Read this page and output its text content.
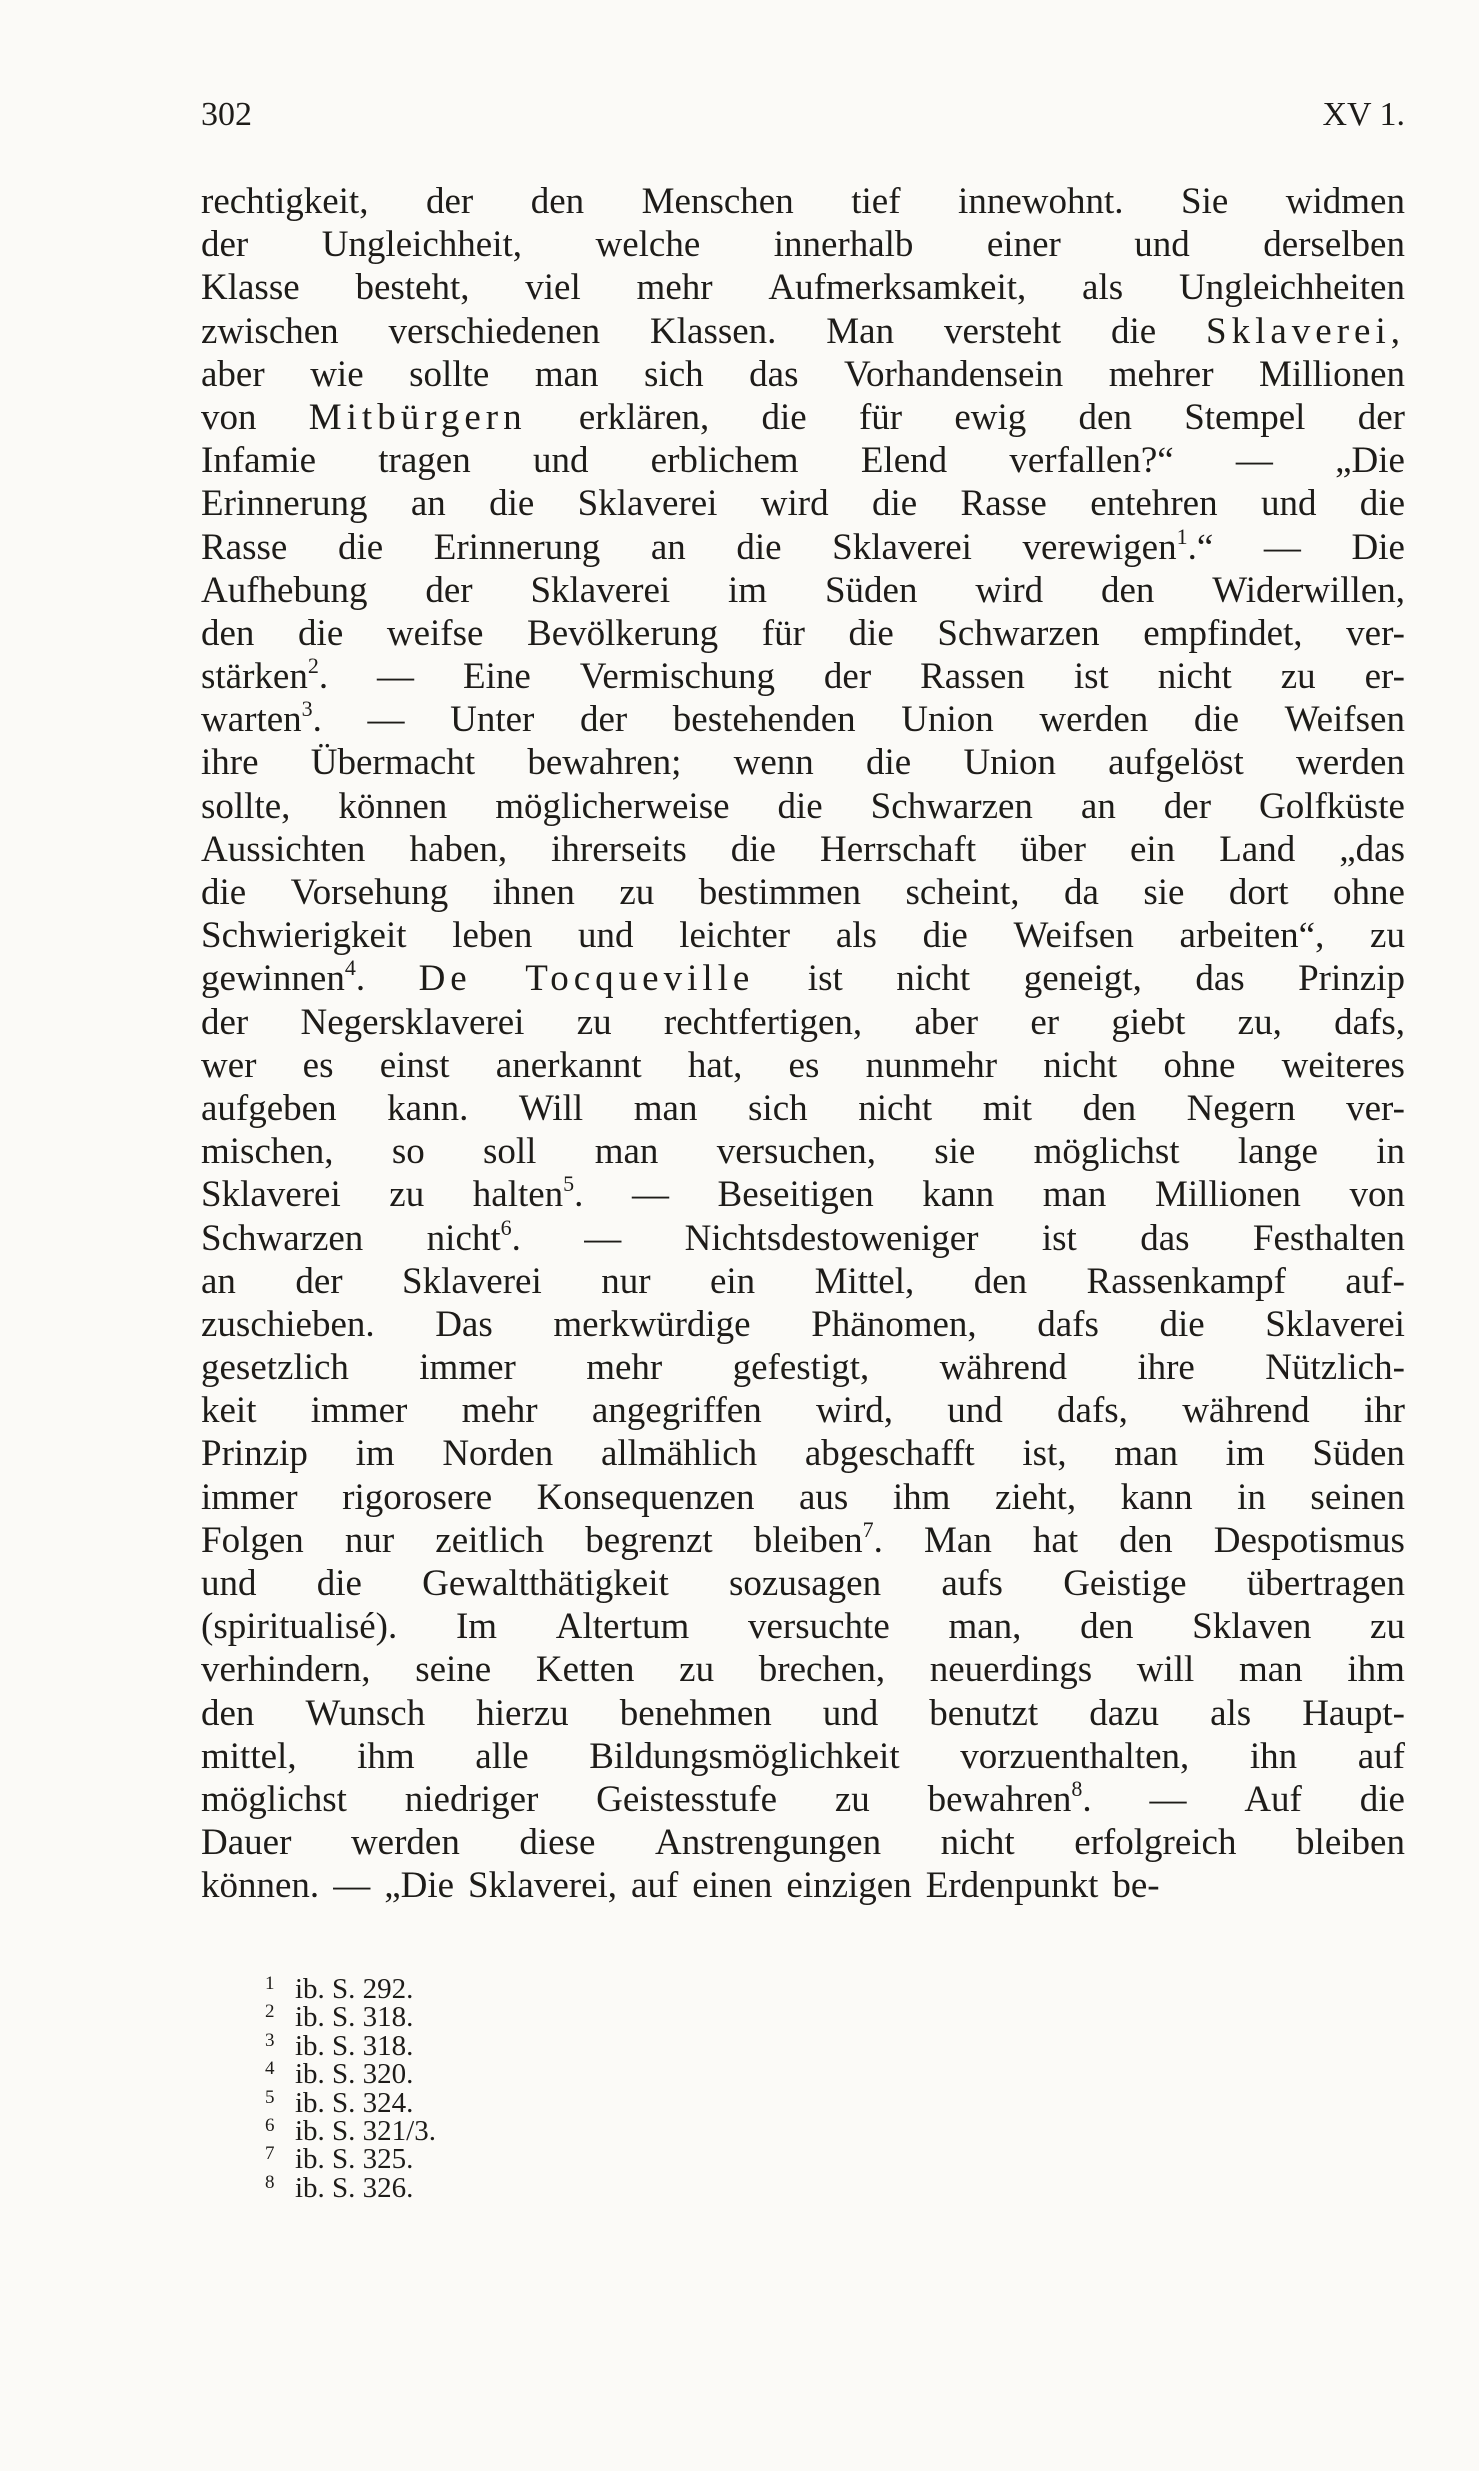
302	XV 1.
rechtigkeit, der den Menschen tief innewohnt. Sie widmen
der Ungleichheit, welche innerhalb einer und derselben
Klasse besteht, viel mehr Aufmerksamkeit, als Ungleichheiten
zwischen verschiedenen Klassen. Man versteht die Sklaverei,
aber wie sollte man sich das Vorhandensein mehrer Millionen
von Mitbürgern erklären, die für ewig den Stempel der
Infamie tragen und erblichem Elend verfallen?“ — „Die
Erinnerung an die Sklaverei wird die Rasse entehren und die
Rasse die Erinnerung an die Sklaverei verewigen$^1$.“ — Die
Aufhebung der Sklaverei im Süden wird den Widerwillen,
den die weifse Bevölkerung für die Schwarzen empfindet, ver-
stärken$^2$. — Eine Vermischung der Rassen ist nicht zu er-
warten$^3$. — Unter der bestehenden Union werden die Weifsen
ihre Übermacht bewahren; wenn die Union aufgelöst werden
sollte, können möglicherweise die Schwarzen an der Golfküste
Aussichten haben, ihrerseits die Herrschaft über ein Land „das
die Vorsehung ihnen zu bestimmen scheint, da sie dort ohne
Schwierigkeit leben und leichter als die Weifsen arbeiten“, zu
gewinnen$^4$. De Tocqueville ist nicht geneigt, das Prinzip
der Negersklaverei zu rechtfertigen, aber er giebt zu, dafs,
wer es einst anerkannt hat, es nunmehr nicht ohne weiteres
aufgeben kann. Will man sich nicht mit den Negern ver-
mischen, so soll man versuchen, sie möglichst lange in
Sklaverei zu halten$^5$. — Beseitigen kann man Millionen von
Schwarzen nicht$^6$. — Nichtsdestoweniger ist das Festhalten
an der Sklaverei nur ein Mittel, den Rassenkampf auf-
zuschieben. Das merkwürdige Phänomen, dafs die Sklaverei
gesetzlich immer mehr gefestigt, während ihre Nützlich-
keit immer mehr angegriffen wird, und dafs, während ihr
Prinzip im Norden allmählich abgeschafft ist, man im Süden
immer rigorosere Konsequenzen aus ihm zieht, kann in seinen
Folgen nur zeitlich begrenzt bleiben$^7$. Man hat den Despotismus
und die Gewaltthätigkeit sozusagen aufs Geistige übertragen
(spiritualisé). Im Altertum versuchte man, den Sklaven zu
verhindern, seine Ketten zu brechen, neuerdings will man ihm
den Wunsch hierzu benehmen und benutzt dazu als Haupt-
mittel, ihm alle Bildungsmöglichkeit vorzuenthalten, ihn auf
möglichst niedriger Geistesstufe zu bewahren$^8$. — Auf die
Dauer werden diese Anstrengungen nicht erfolgreich bleiben
können. — „Die Sklaverei, auf einen einzigen Erdenpunkt be-
1 ib. S. 292.
2 ib. S. 318.
3 ib. S. 318.
4 ib. S. 320.
5 ib. S. 324.
6 ib. S. 321/3.
7 ib. S. 325.
8 ib. S. 326.
